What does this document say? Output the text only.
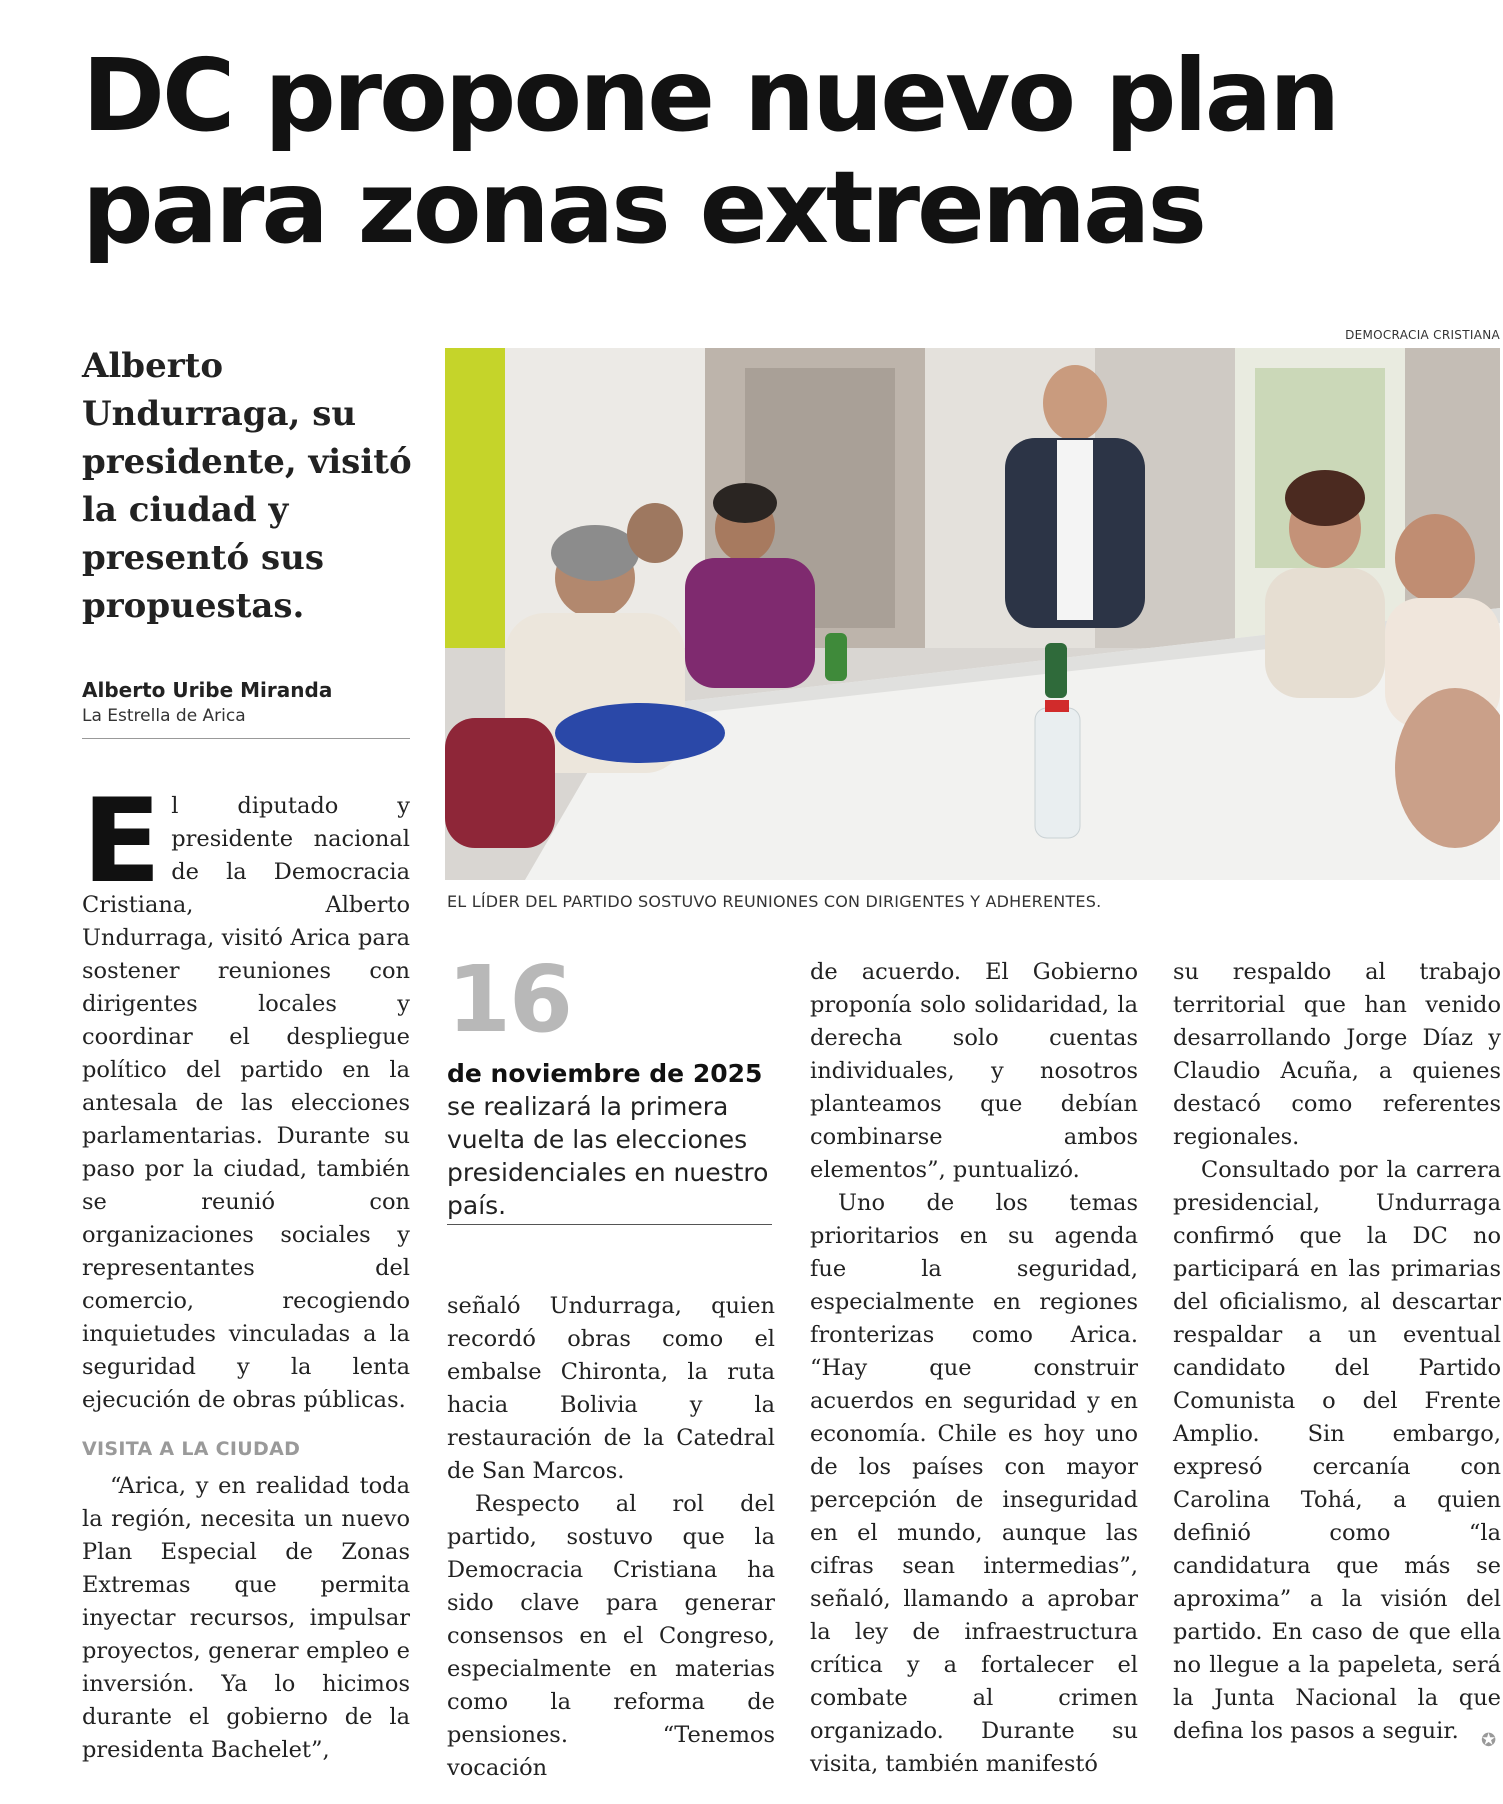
DC propone nuevo plan para zonas extremas

Alberto Undurraga, su presidente, visitó la ciudad y presentó sus propuestas.

Alberto Uribe Miranda
La Estrella de Arica
DEMOCRACIA CRISTIANA
EL LÍDER DEL PARTIDO SOSTUVO REUNIONES CON DIRIGENTES Y ADHERENTES.
E l diputado y presidente nacional de la Democracia Cristiana, Alberto Undurraga, visitó Arica para sostener reuniones con dirigentes locales y coordinar el despliegue político del partido en la antesala de las elecciones parlamentarias. Durante su paso por la ciudad, también se reunió con organizaciones sociales y representantes del comercio, recogiendo inquietudes vinculadas a la seguridad y la lenta ejecución de obras públicas.

VISITA A LA CIUDAD

“Arica, y en realidad toda la región, necesita un nuevo Plan Especial de Zonas Extremas que permita inyectar recursos, impulsar proyectos, generar empleo e inversión. Ya lo hicimos durante el gobierno de la presidenta Bachelet”,

16
de noviembre de 2025
se realizará la primera vuelta de las elecciones presidenciales en nuestro país.

señaló Undurraga, quien recordó obras como el embalse Chironta, la ruta hacia Bolivia y la restauración de la Catedral de San Marcos.

Respecto al rol del partido, sostuvo que la Democracia Cristiana ha sido clave para generar consensos en el Congreso, especialmente en materias como la reforma de pensiones. “Tenemos vocación

de acuerdo. El Gobierno proponía solo solidaridad, la derecha solo cuentas individuales, y nosotros planteamos que debían combinarse ambos elementos”, puntualizó.

Uno de los temas prioritarios en su agenda fue la seguridad, especialmente en regiones fronterizas como Arica. “Hay que construir acuerdos en seguridad y en economía. Chile es hoy uno de los países con mayor percepción de inseguridad en el mundo, aunque las cifras sean intermedias”, señaló, llamando a aprobar la ley de infraestructura crítica y a fortalecer el combate al crimen organizado. Durante su visita, también manifestó

su respaldo al trabajo territorial que han venido desarrollando Jorge Díaz y Claudio Acuña, a quienes destacó como referentes regionales.

Consultado por la carrera presidencial, Undurraga confirmó que la DC no participará en las primarias del oficialismo, al descartar respaldar a un eventual candidato del Partido Comunista o del Frente Amplio. Sin embargo, expresó cercanía con Carolina Tohá, a quien definió como “la candidatura que más se aproxima” a la visión del partido. En caso de que ella no llegue a la papeleta, será la Junta Nacional la que defina los pasos a seguir.	✪
